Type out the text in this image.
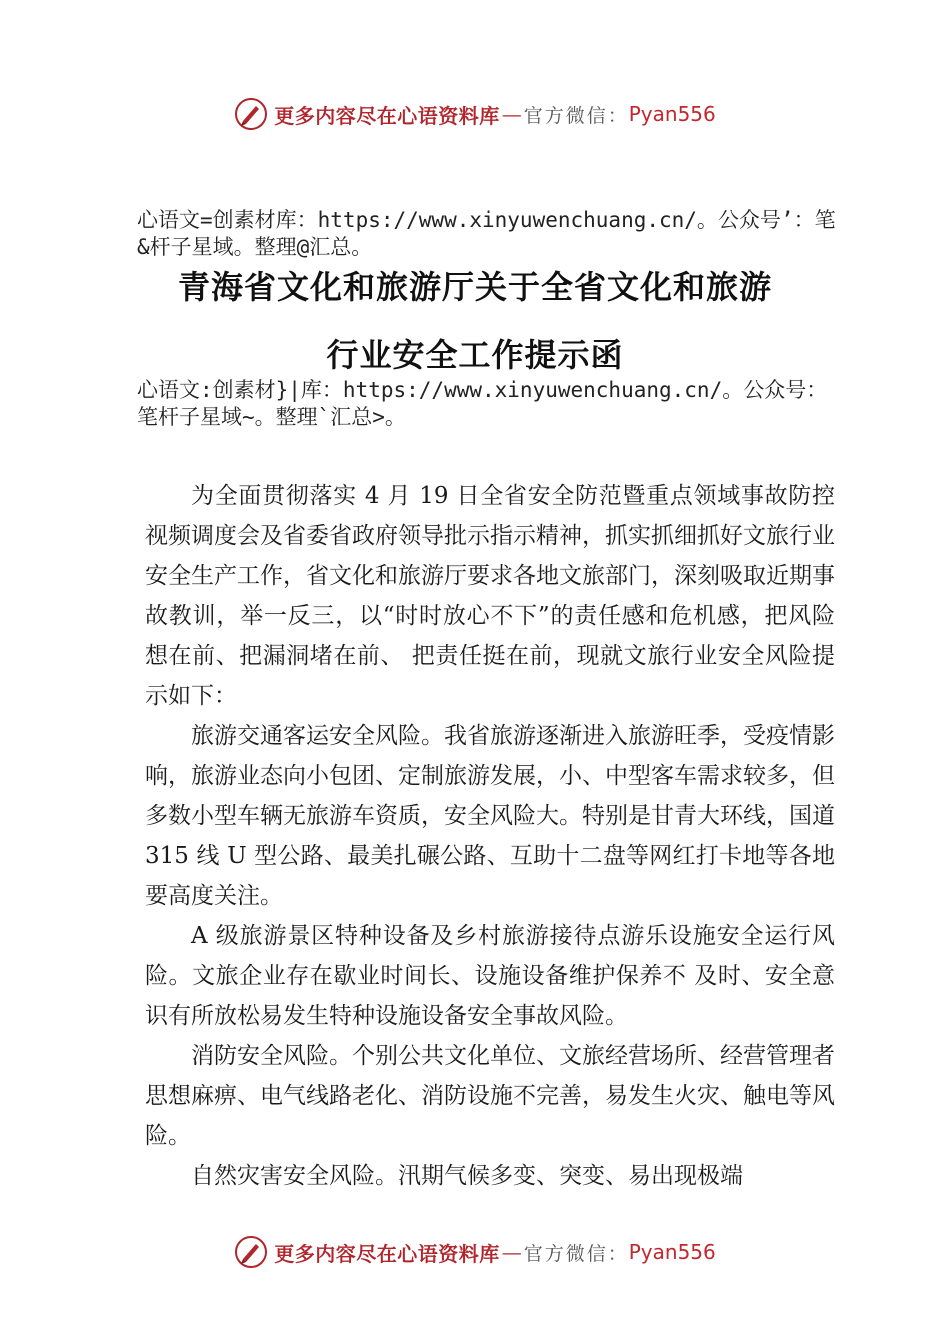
更多内容尽在心语资料库 — 官方微信： Pyan556
心语文=创素材库：https://www.xinyuwenchuang.cn/。公众号’：笔&杆子星域。整理@汇总。
青海省文化和旅游厅关于全省文化和旅游
行业安全工作提示函
心语文:创素材}|库：https://www.xinyuwenchuang.cn/。公众号：笔杆子星域~。整理`汇总>。

为全面贯彻落实 4 月 19 日全省安全防范暨重点领域事故防控视频调度会及省委省政府领导批示指示精神，抓实抓细抓好文旅行业安全生产工作，省文化和旅游厅要求各地文旅部门，深刻吸取近期事故教训，举一反三，以“时时放心不下”的责任感和危机感，把风险想在前、把漏洞堵在前、 把责任挺在前，现就文旅行业安全风险提示如下：

旅游交通客运安全风险。我省旅游逐渐进入旅游旺季，受疫情影响，旅游业态向小包团、定制旅游发展，小、中型客车需求较多，但多数小型车辆无旅游车资质，安全风险大。特别是甘青大环线，国道 315 线 U 型公路、最美扎碾公路、互助十二盘等网红打卡地等各地要高度关注。

A 级旅游景区特种设备及乡村旅游接待点游乐设施安全运行风险。文旅企业存在歇业时间长、设施设备维护保养不 及时、安全意识有所放松易发生特种设施设备安全事故风险。

消防安全风险。个别公共文化单位、文旅经营场所、经营管理者思想麻痹、电气线路老化、消防设施不完善，易发生火灾、触电等风险。

自然灾害安全风险。汛期气候多变、突变、易出现极端

更多内容尽在心语资料库 — 官方微信： Pyan556
